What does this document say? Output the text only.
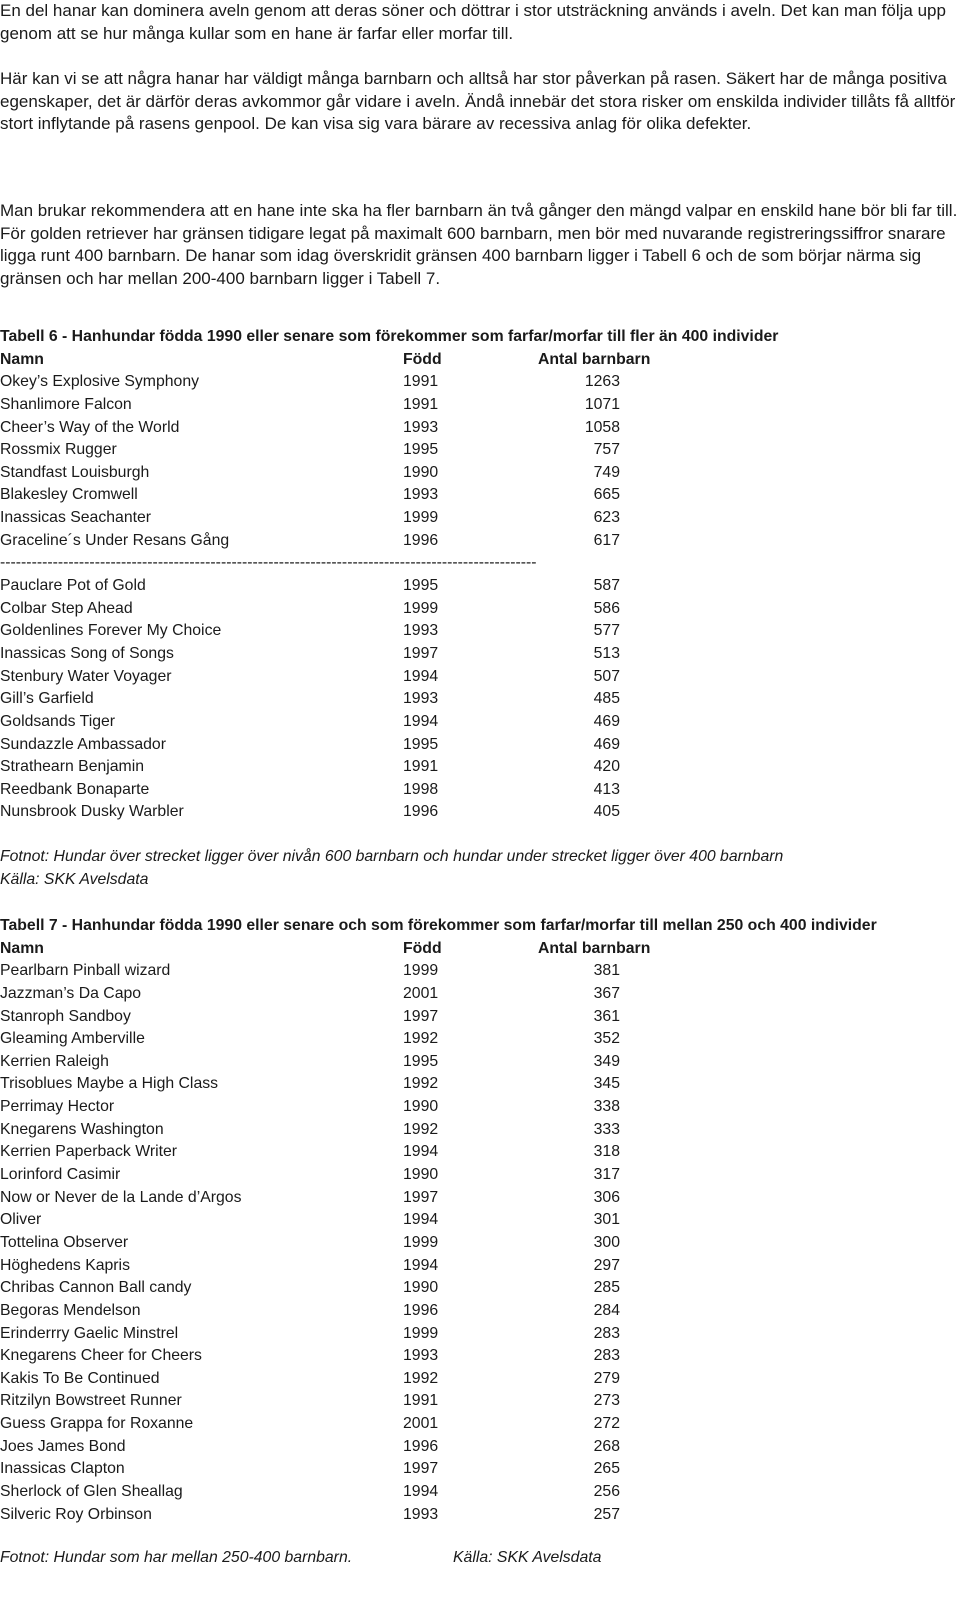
En del hanar kan dominera aveln genom att deras söner och döttrar i stor utsträckning används i aveln. Det kan man följa upp genom att se hur många kullar som en hane är farfar eller morfar till.
Här kan vi se att några hanar har väldigt många barnbarn och alltså har stor påverkan på rasen. Säkert har de många positiva egenskaper, det är därför deras avkommor går vidare i aveln. Ändå innebär det stora risker om enskilda individer tillåts få alltför stort inflytande på rasens genpool. De kan visa sig vara bärare av recessiva anlag för olika defekter.
Man brukar rekommendera att en hane inte ska ha fler barnbarn än två gånger den mängd valpar en enskild hane bör bli far till. För golden retriever har gränsen tidigare legat på maximalt 600 barnbarn, men bör med nuvarande registreringssiffror snarare ligga runt 400 barnbarn. De hanar som idag överskridit gränsen 400 barnbarn ligger i Tabell 6 och de som börjar närma sig gränsen och har mellan 200-400 barnbarn ligger i Tabell 7.
Tabell 6 - Hanhundar födda 1990 eller senare som förekommer som farfar/morfar till fler än 400 individer
Namn	Född	Antal barnbarn
Okey’s Explosive Symphony	1991	1263
Shanlimore Falcon	1991	1071
Cheer’s Way of the World	1993	1058
Rossmix Rugger	1995	757
Standfast Louisburgh	1990	749
Blakesley Cromwell	1993	665
Inassicas Seachanter	1999	623
Graceline´s Under Resans Gång	1996	617
------------------------------------------------------------------------------------------------------
Pauclare Pot of Gold	1995	587
Colbar Step Ahead	1999	586
Goldenlines Forever My Choice	1993	577
Inassicas Song of Songs	1997	513
Stenbury Water Voyager	1994	507
Gill’s Garfield	1993	485
Goldsands Tiger	1994	469
Sundazzle Ambassador	1995	469
Strathearn Benjamin	1991	420
Reedbank Bonaparte	1998	413
Nunsbrook Dusky Warbler	1996	405
Fotnot: Hundar över strecket ligger över nivån 600 barnbarn och hundar under strecket ligger över 400 barnbarn
Källa: SKK Avelsdata
Tabell 7 - Hanhundar födda 1990 eller senare och som förekommer som farfar/morfar till mellan 250 och 400 individer
Namn	Född	Antal barnbarn
Pearlbarn Pinball wizard	1999	381
Jazzman’s Da Capo	2001	367
Stanroph Sandboy	1997	361
Gleaming Amberville	1992	352
Kerrien Raleigh	1995	349
Trisoblues Maybe a High Class	1992	345
Perrimay Hector	1990	338
Knegarens Washington	1992	333
Kerrien Paperback Writer	1994	318
Lorinford Casimir	1990	317
Now or Never de la Lande d’Argos	1997	306
Oliver	1994	301
Tottelina Observer	1999	300
Höghedens Kapris	1994	297
Chribas Cannon Ball candy	1990	285
Begoras Mendelson	1996	284
Erinderrry Gaelic Minstrel	1999	283
Knegarens Cheer for Cheers	1993	283
Kakis To Be Continued	1992	279
Ritzilyn Bowstreet Runner	1991	273
Guess Grappa for Roxanne	2001	272
Joes James Bond	1996	268
Inassicas Clapton	1997	265
Sherlock of Glen Sheallag	1994	256
Silveric Roy Orbinson	1993	257
Fotnot: Hundar som har mellan 250-400 barnbarn.	Källa: SKK Avelsdata
